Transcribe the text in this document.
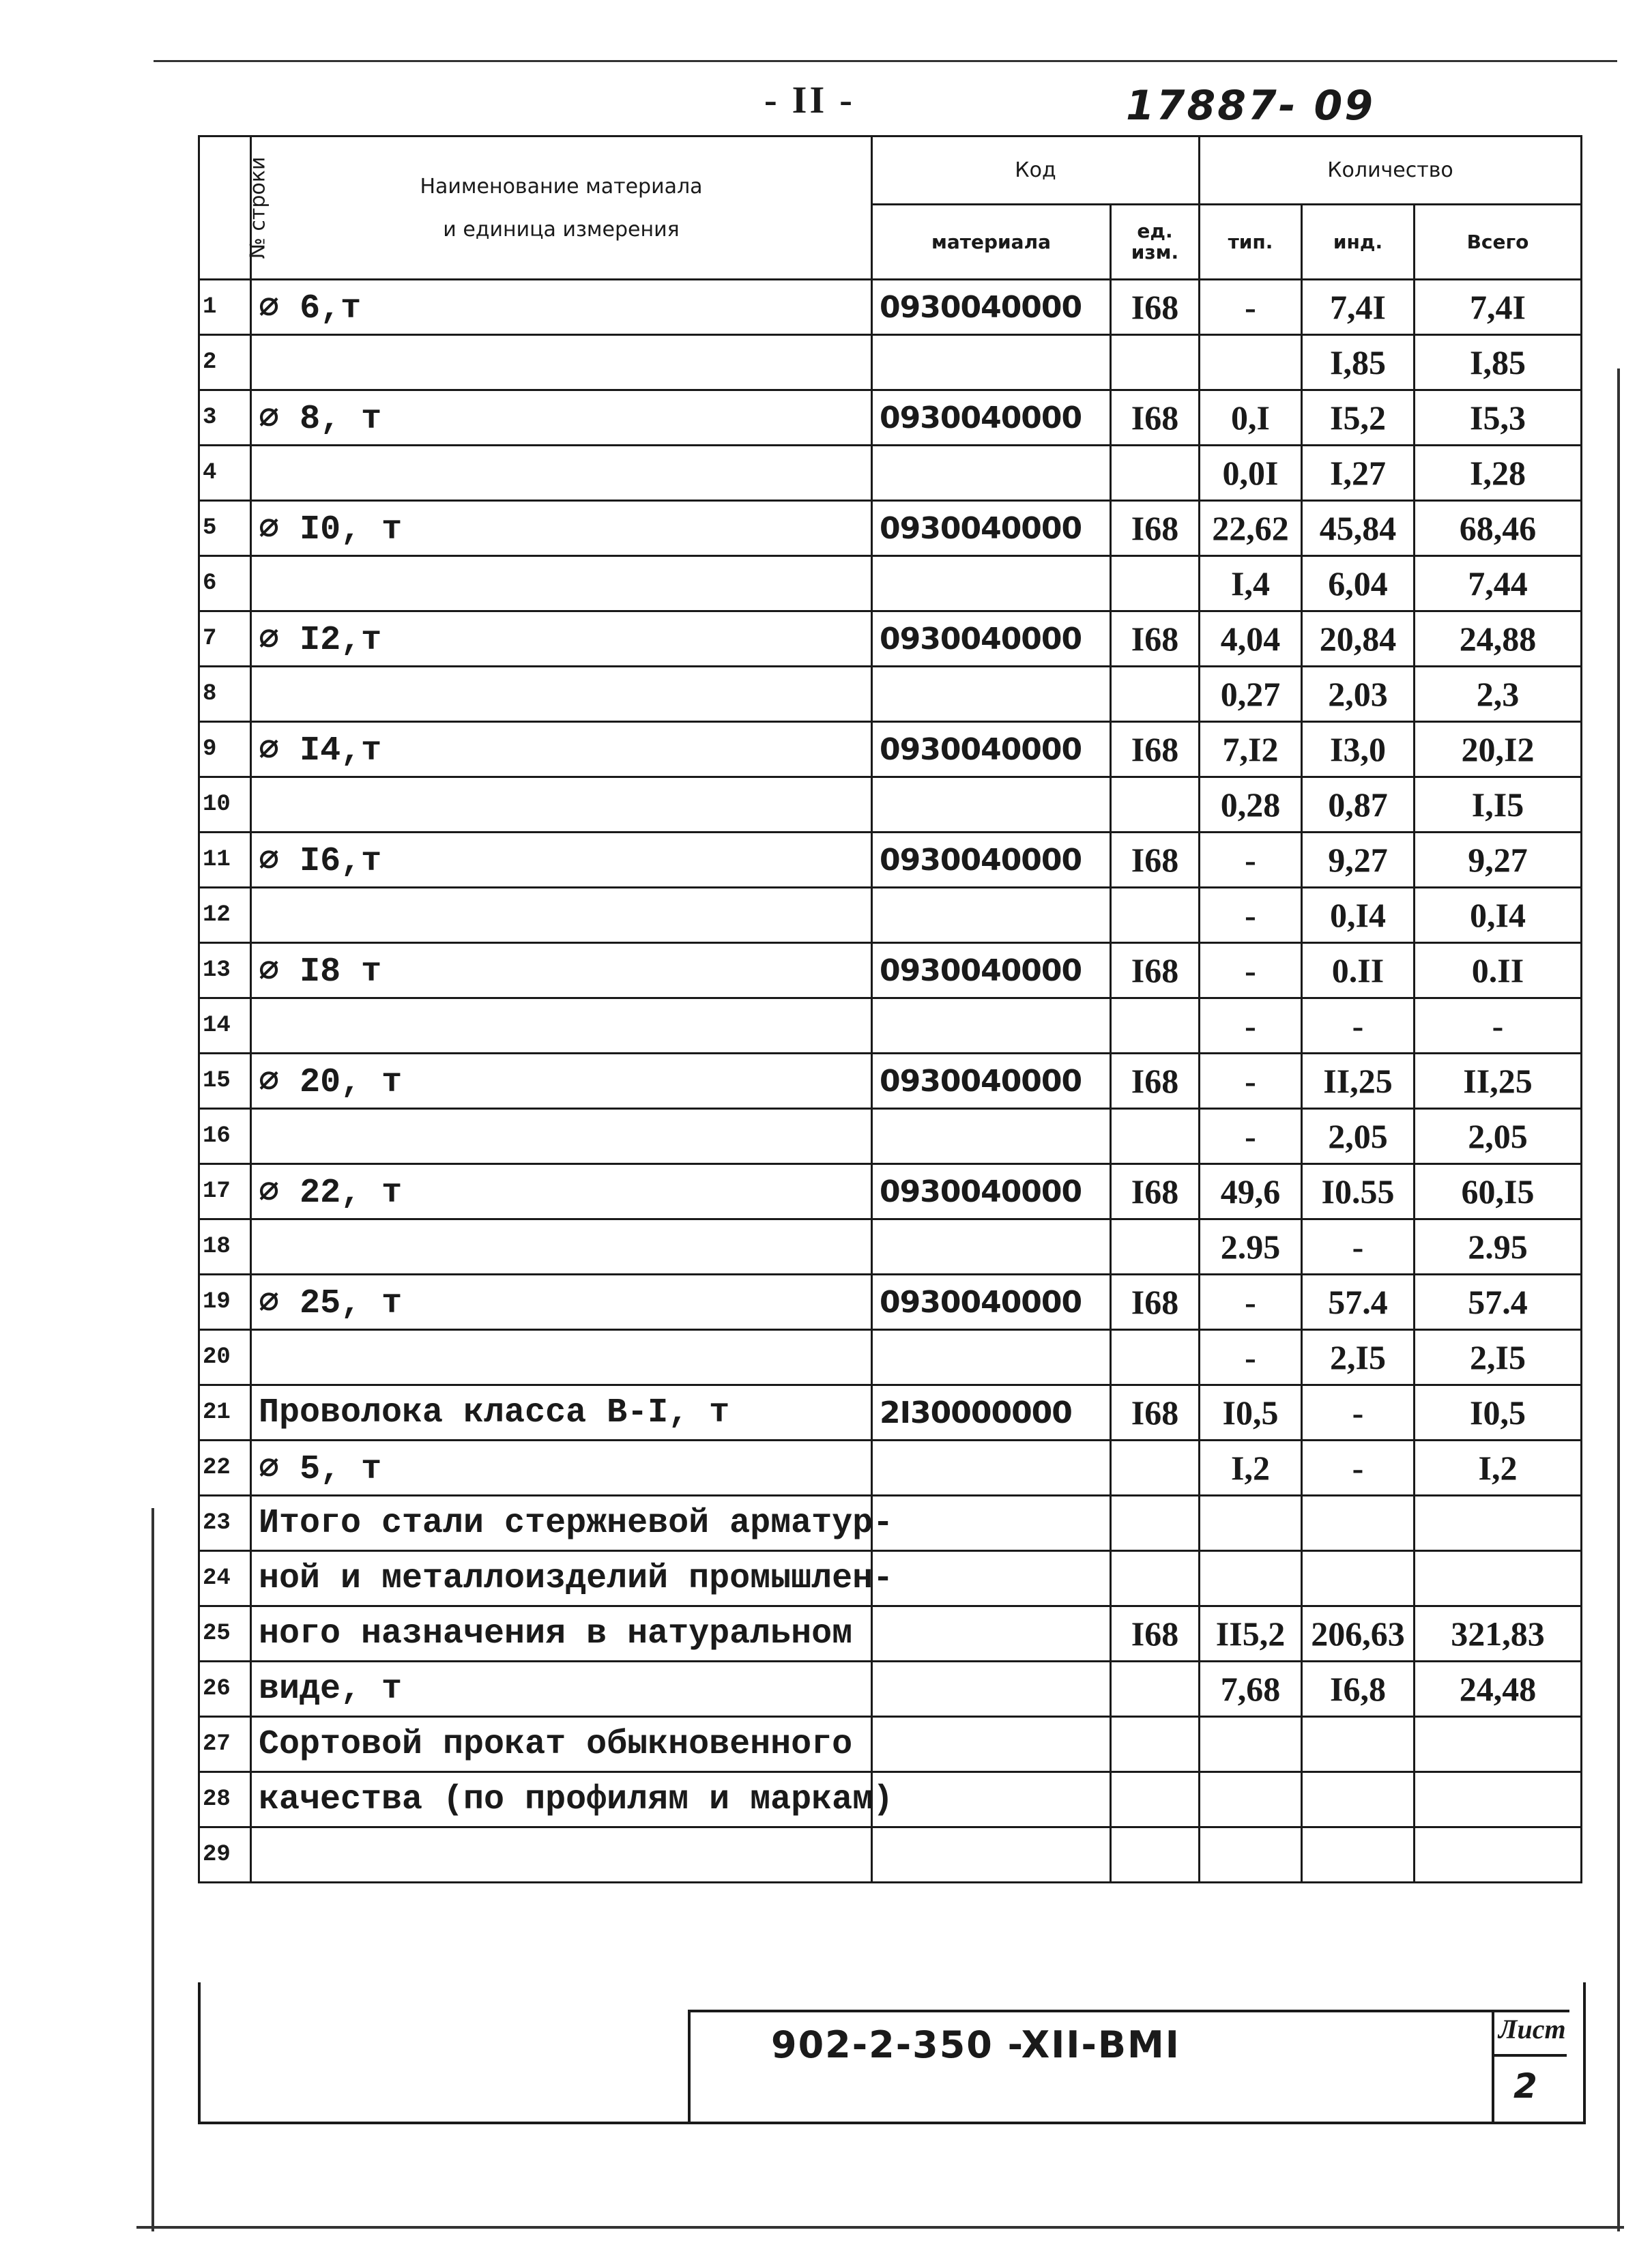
- II -	17887- 09
№ строки	Наименование материала
и единица измерения	Код		Количество		
		материала	ед. изм.	тип.	инд.	Всего
1	∅ 6,т	0930040000	I68	-	7,4I	7,4I
2					I,85	I,85
3	∅ 8, т	0930040000	I68	0,I	I5,2	I5,3
4				0,0I	I,27	I,28
5	∅ I0, т	0930040000	I68	22,62	45,84	68,46
6				I,4	6,04	7,44
7	∅ I2,т	0930040000	I68	4,04	20,84	24,88
8				0,27	2,03	2,3
9	∅ I4,т	0930040000	I68	7,I2	I3,0	20,I2
10				0,28	0,87	I,I5
11	∅ I6,т	0930040000	I68	-	9,27	9,27
12				-	0,I4	0,I4
13	∅ I8 т	0930040000	I68	-	0.II	0.II
14				-	-	-
15	∅ 20, т	0930040000	I68	-	II,25	II,25
16				-	2,05	2,05
17	∅ 22, т	0930040000	I68	49,6	I0.55	60,I5
18				2.95	-	2.95
19	∅ 25, т	0930040000	I68	-	57.4	57.4
20				-	2,I5	2,I5
21	Проволока класса В-I, т	2I30000000	I68	I0,5	-	I0,5
22	∅ 5, т			I,2	-	I,2
23	Итого стали стержневой арматур-					
24	ной и металлоизделий промышлен-					
25	ного назначения в натуральном		I68	II5,2	206,63	321,83
26	виде, т			7,68	I6,8	24,48
27	Сортовой прокат обыкновенного					
28	качества (по профилям и маркам)					
29						
902-2-350 -XII-BMI	Лист
2
